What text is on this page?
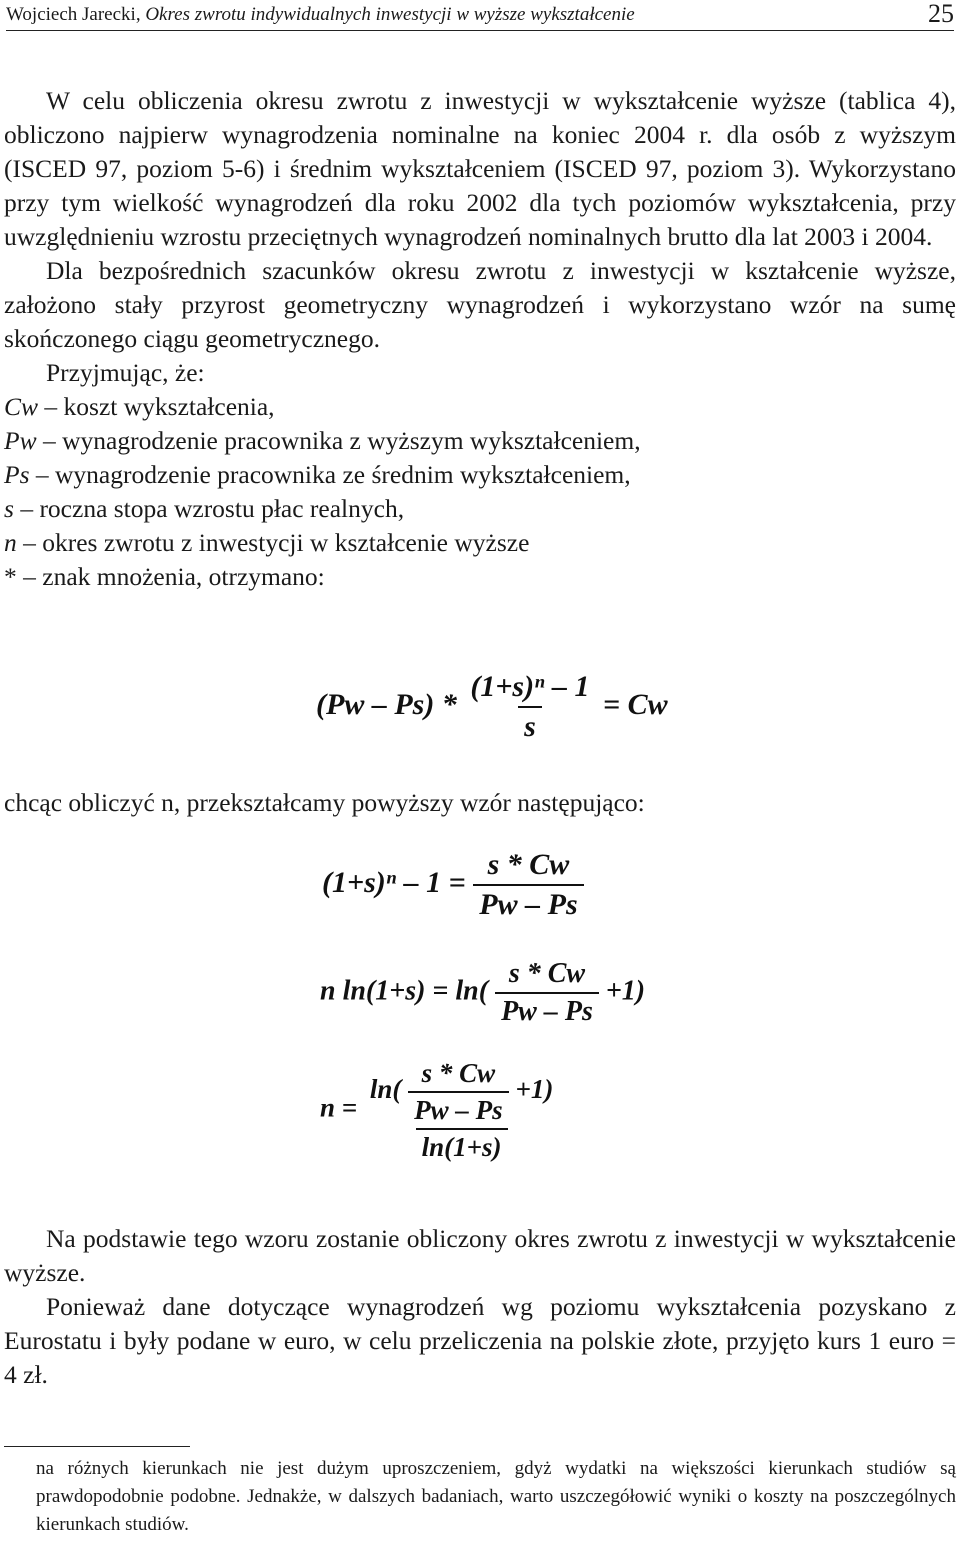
Wojciech Jarecki, Okres zwrotu indywidualnych inwestycji w wyższe wykształcenie	25

W celu obliczenia okresu zwrotu z inwestycji w wykształcenie wyższe (tablica 4), obliczono najpierw wynagrodzenia nominalne na koniec 2004 r. dla osób z wyższym (ISCED 97, poziom 5-6) i średnim wykształceniem (ISCED 97, poziom 3). Wykorzystano przy tym wielkość wynagrodzeń dla roku 2002 dla tych poziomów wykształcenia, przy uwzględnieniu wzrostu przeciętnych wynagrodzeń nominalnych brutto dla lat 2003 i 2004.

Dla bezpośrednich szacunków okresu zwrotu z inwestycji w kształcenie wyższe, założono stały przyrost geometryczny wynagrodzeń i wykorzystano wzór na sumę skończonego ciągu geometrycznego.

Przyjmując, że:

Cw – koszt wykształcenia,
Pw – wynagrodzenie pracownika z wyższym wykształceniem,
Ps – wynagrodzenie pracownika ze średnim wykształceniem,
s – roczna stopa wzrostu płac realnych,
n – okres zwrotu z inwestycji w kształcenie wyższe
* – znak mnożenia, otrzymano:
$(Pw - Ps) * \frac{\text{(1+s)ⁿ – 1}}{s} = Cw$

chcąc obliczyć n, przekształcamy powyższy wzór następująco:

$(1+s)^n - 1 = \frac{s * Cw}{Pw - Ps}$
n $\ln(1+s) = \ln( \frac{s * Cw}{Pw - Ps} +1)$
$n = \frac{\ln( \frac{s * Cw}{Pw - Ps} +1)}{\ln(1+s)}$

Na podstawie tego wzoru zostanie obliczony okres zwrotu z inwestycji w wykształcenie wyższe.

Ponieważ dane dotyczące wynagrodzeń wg poziomu wykształcenia pozyskano z Eurostatu i były podane w euro, w celu przeliczenia na polskie złote, przyjęto kurs 1 euro = 4 zł.

na różnych kierunkach nie jest dużym uproszczeniem, gdyż wydatki na większości kierunkach studiów są prawdopodobnie podobne. Jednakże, w dalszych badaniach, warto uszczegółowić wyniki o koszty na poszczególnych kierunkach studiów.
